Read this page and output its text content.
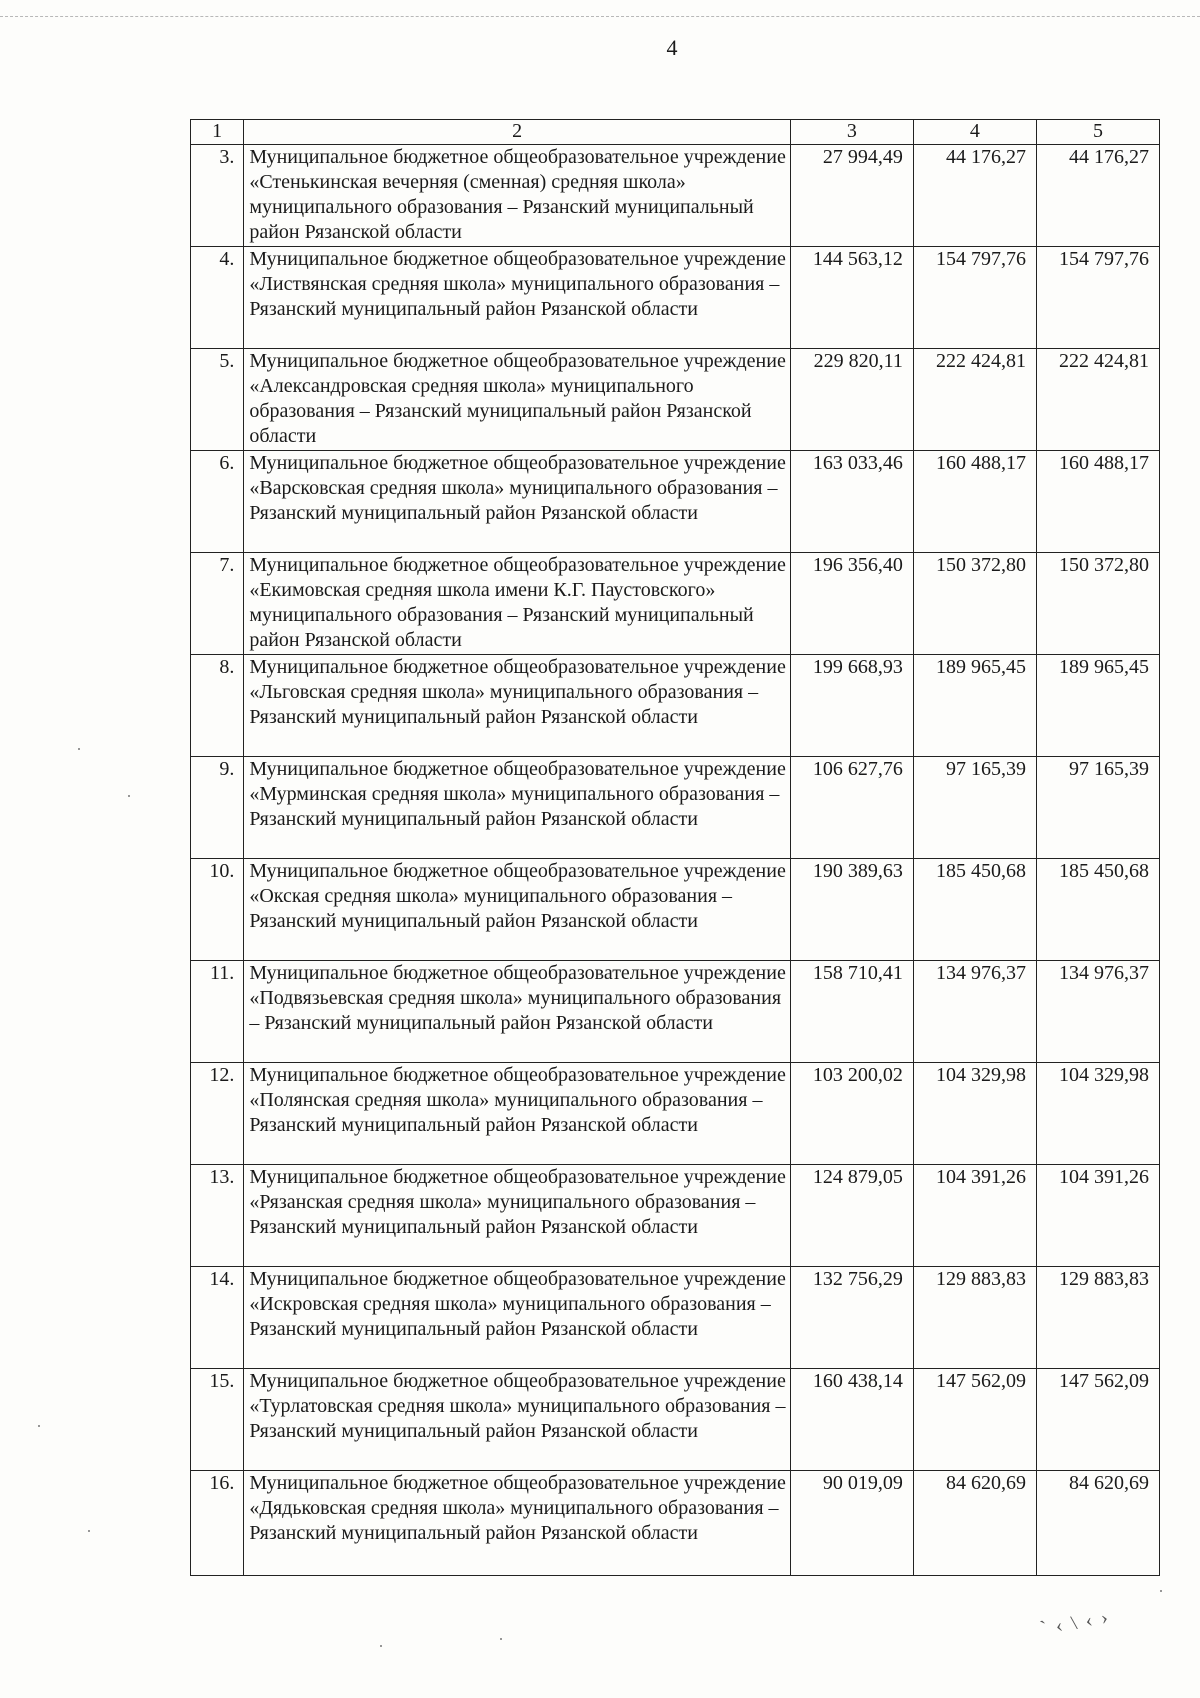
4
1	2	3	4	5
3.	Муниципальное бюджетное общеобразовательное учреждение «Стенькинская вечерняя (сменная) средняя школа» муниципального образования – Рязанский муниципальный район Рязанской области	27 994,49	44 176,27	44 176,27
4.	Муниципальное бюджетное общеобразовательное учреждение «Листвянская средняя школа» муниципального образования – Рязанский муниципальный район Рязанской области	144 563,12	154 797,76	154 797,76
5.	Муниципальное бюджетное общеобразовательное учреждение «Александровская средняя школа» муниципального образования – Рязанский муниципальный район Рязанской области	229 820,11	222 424,81	222 424,81
6.	Муниципальное бюджетное общеобразовательное учреждение «Варсковская средняя школа» муниципального образования – Рязанский муниципальный район Рязанской области	163 033,46	160 488,17	160 488,17
7.	Муниципальное бюджетное общеобразовательное учреждение «Екимовская средняя школа имени К.Г. Паустовского» муниципального образования – Рязанский муниципальный район Рязанской области	196 356,40	150 372,80	150 372,80
8.	Муниципальное бюджетное общеобразовательное учреждение «Льговская средняя школа» муниципального образования – Рязанский муниципальный район Рязанской области	199 668,93	189 965,45	189 965,45
9.	Муниципальное бюджетное общеобразовательное учреждение «Мурминская средняя школа» муниципального образования – Рязанский муниципальный район Рязанской области	106 627,76	97 165,39	97 165,39
10.	Муниципальное бюджетное общеобразовательное учреждение «Окская средняя школа» муниципального образования – Рязанский муниципальный район Рязанской области	190 389,63	185 450,68	185 450,68
11.	Муниципальное бюджетное общеобразовательное учреждение «Подвязьевская средняя школа» муниципального образования – Рязанский муниципальный район Рязанской области	158 710,41	134 976,37	134 976,37
12.	Муниципальное бюджетное общеобразовательное учреждение «Полянская средняя школа» муниципального образования – Рязанский муниципальный район Рязанской области	103 200,02	104 329,98	104 329,98
13.	Муниципальное бюджетное общеобразовательное учреждение «Рязанская средняя школа» муниципального образования – Рязанский муниципальный район Рязанской области	124 879,05	104 391,26	104 391,26
14.	Муниципальное бюджетное общеобразовательное учреждение «Искровская средняя школа» муниципального образования – Рязанский муниципальный район Рязанской области	132 756,29	129 883,83	129 883,83
15.	Муниципальное бюджетное общеобразовательное учреждение «Турлатовская средняя школа» муниципального образования – Рязанский муниципальный район Рязанской области	160 438,14	147 562,09	147 562,09
16.	Муниципальное бюджетное общеобразовательное учреждение «Дядьковская средняя школа» муниципального образования – Рязанский муниципальный район Рязанской области	90 019,09	84 620,69	84 620,69
` ‹ \ ‹ ›
